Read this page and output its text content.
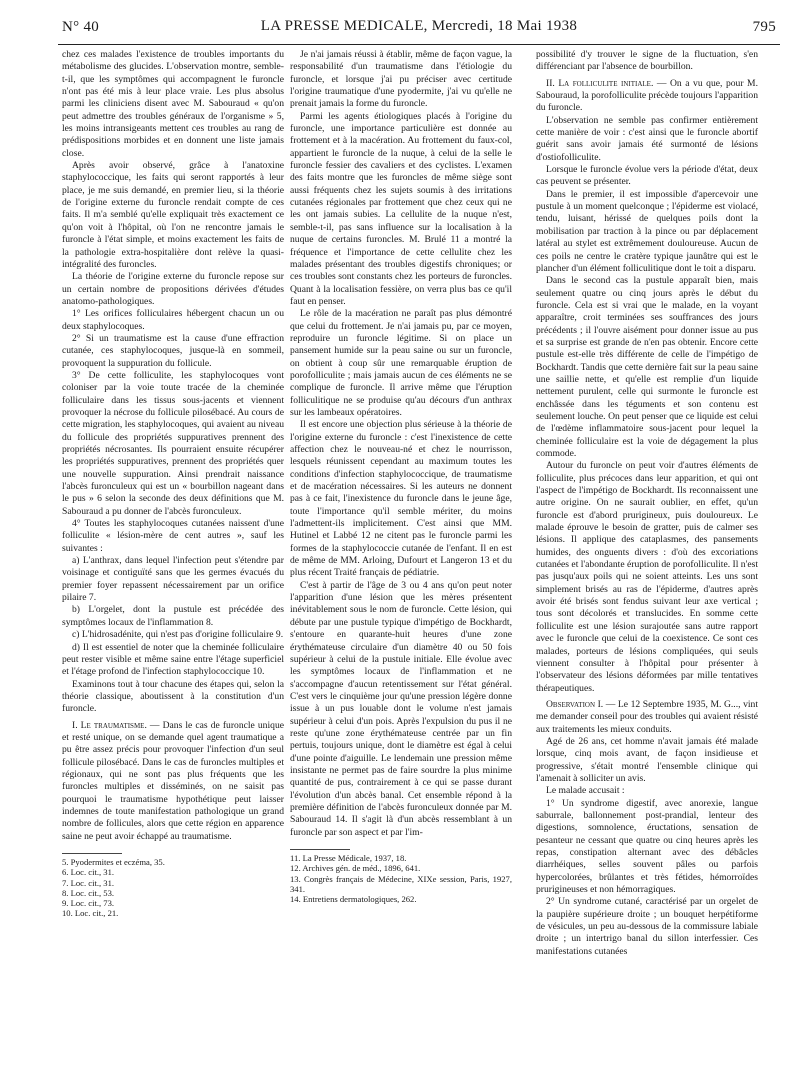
N° 40	LA PRESSE MEDICALE, Mercredi, 18 Mai 1938	795

chez ces malades l'existence de troubles importants du métabolisme des glucides. L'observation montre, semble-t-il, que les symptômes qui accompagnent le furoncle n'ont pas été mis à leur place vraie. Les plus absolus parmi les cliniciens disent avec M. Sabouraud « qu'on peut admettre des troubles généraux de l'organisme » 5, les moins intransigeants mettent ces troubles au rang de prédispositions morbides et en donnent une liste jamais close.

Après avoir observé, grâce à l'anatoxine staphylococcique, les faits qui seront rapportés à leur place, je me suis demandé, en premier lieu, si la théorie de l'origine externe du furoncle rendait compte de ces faits. Il m'a semblé qu'elle expliquait très exactement ce qu'on voit à l'hôpital, où l'on ne rencontre jamais le furoncle à l'état simple, et moins exactement les faits de la pathologie extra-hospitalière dont relève la quasi-intégralité des furoncles.

La théorie de l'origine externe du furoncle repose sur un certain nombre de propositions dérivées d'études anatomo-pathologiques.

1° Les orifices folliculaires hébergent chacun un ou deux staphylocoques.

2° Si un traumatisme est la cause d'une effraction cutanée, ces staphylocoques, jusque-là en sommeil, provoquent la suppuration du follicule.

3° De cette folliculite, les staphylocoques vont coloniser par la voie toute tracée de la cheminée folliculaire dans les tissus sous-jacents et viennent provoquer la nécrose du follicule pilosébacé. Au cours de cette migration, les staphylocoques, qui avaient au niveau du follicule des propriétés suppuratives prennent des propriétés nécrosantes. Ils pourraient ensuite récupérer les propriétés suppuratives, prennent des propriétés quer une nouvelle suppuration. Ainsi prendrait naissance l'abcès furonculeux qui est un « bourbillon nageant dans le pus » 6 selon la seconde des deux définitions que M. Sabouraud a pu donner de l'abcès furonculeux.

4° Toutes les staphylocoques cutanées naissent d'une folliculite « lésion-mère de cent autres », sauf les suivantes :

a) L'anthrax, dans lequel l'infection peut s'étendre par voisinage et contiguïté sans que les germes évacués du premier foyer repassent nécessairement par un orifice pilaire 7.

b) L'orgelet, dont la pustule est précédée des symptômes locaux de l'inflammation 8.

c) L'hidrosadénite, qui n'est pas d'origine folliculaire 9.

d) Il est essentiel de noter que la cheminée folliculaire peut rester visible et même saine entre l'étage superficiel et l'étage profond de l'infection staphylococcique 10.

Examinons tout à tour chacune des étapes qui, selon la théorie classique, aboutissent à la constitution d'un furoncle.

I. Le traumatisme. — Dans le cas de furoncle unique et resté unique, on se demande quel agent traumatique a pu être assez précis pour provoquer l'infection d'un seul follicule pilosébacé. Dans le cas de furoncles multiples et régionaux, qui ne sont pas plus fréquents que les furoncles multiples et disséminés, on ne saisit pas pourquoi le traumatisme hypothétique peut laisser indemnes de toute manifestation pathologique un grand nombre de follicules, alors que cette région en apparence saine ne peut avoir échappé au traumatisme.

5. Pyodermites et eczéma, 35.

6. Loc. cit., 31.

7. Loc. cit., 31.

8. Loc. cit., 53.

9. Loc. cit., 73.

10. Loc. cit., 21.

Je n'ai jamais réussi à établir, même de façon vague, la responsabilité d'un traumatisme dans l'étiologie du furoncle, et lorsque j'ai pu préciser avec certitude l'origine traumatique d'une pyodermite, j'ai vu qu'elle ne prenait jamais la forme du furoncle.

Parmi les agents étiologiques placés à l'origine du furoncle, une importance particulière est donnée au frottement et à la macération. Au frottement du faux-col, appartient le furoncle de la nuque, à celui de la selle le furoncle fessier des cavaliers et des cyclistes. L'examen des faits montre que les furoncles de même siège sont aussi fréquents chez les sujets soumis à des irritations cutanées régionales par frottement que chez ceux qui ne les ont jamais subies. La cellulite de la nuque n'est, semble-t-il, pas sans influence sur la localisation à la nuque de certains furoncles. M. Brulé 11 a montré la fréquence et l'importance de cette cellulite chez les malades présentant des troubles digestifs chroniques; or ces troubles sont constants chez les porteurs de furoncles. Quant à la localisation fessière, on verra plus bas ce qu'il faut en penser.

Le rôle de la macération ne paraît pas plus démontré que celui du frottement. Je n'ai jamais pu, par ce moyen, reproduire un furoncle légitime. Si on place un pansement humide sur la peau saine ou sur un furoncle, on obtient à coup sûr une remarquable éruption de porofolliculite ; mais jamais aucun de ces éléments ne se complique de furoncle. Il arrive même que l'éruption folliculitique ne se produise qu'au décours d'un anthrax sur les lambeaux opératoires.

Il est encore une objection plus sérieuse à la théorie de l'origine externe du furoncle : c'est l'inexistence de cette affection chez le nouveau-né et chez le nourrisson, lesquels réunissent cependant au maximum toutes les conditions d'infection staphylococcique, de traumatisme et de macération nécessaires. Si les auteurs ne donnent pas à ce fait, l'inexistence du furoncle dans le jeune âge, toute l'importance qu'il semble mériter, du moins l'admettent-ils implicitement. C'est ainsi que MM. Hutinel et Labbé 12 ne citent pas le furoncle parmi les formes de la staphylococcie cutanée de l'enfant. Il en est de même de MM. Arloing, Dufourt et Langeron 13 et du plus récent Traité français de pédiatrie.

C'est à partir de l'âge de 3 ou 4 ans qu'on peut noter l'apparition d'une lésion que les mères présentent inévitablement sous le nom de furoncle. Cette lésion, qui débute par une pustule typique d'impétigo de Bockhardt, s'entoure en quarante-huit heures d'une zone érythémateuse circulaire d'un diamètre 40 ou 50 fois supérieur à celui de la pustule initiale. Elle évolue avec les symptômes locaux de l'inflammation et ne s'accompagne d'aucun retentissement sur l'état général. C'est vers le cinquième jour qu'une pression légère donne issue à un pus louable dont le volume n'est jamais supérieur à celui d'un pois. Après l'expulsion du pus il ne reste qu'une zone érythémateuse centrée par un fin pertuis, toujours unique, dont le diamètre est égal à celui d'une pointe d'aiguille. Le lendemain une pression même insistante ne permet pas de faire sourdre la plus minime quantité de pus, contrairement à ce qui se passe durant l'évolution d'un abcès banal. Cet ensemble répond à la première définition de l'abcès furonculeux donnée par M. Sabouraud 14. Il s'agit là d'un abcès ressemblant à un furoncle par son aspect et par l'im-

11. La Presse Médicale, 1937, 18.

12. Archives gén. de méd., 1896, 641.

13. Congrès français de Médecine, XIXe session, Paris, 1927, 341.

14. Entretiens dermatologiques, 262.

possibilité d'y trouver le signe de la fluctuation, s'en différenciant par l'absence de bourbillon.

II. La folliculite initiale. — On a vu que, pour M. Sabouraud, la porofolliculite précède toujours l'apparition du furoncle.

L'observation ne semble pas confirmer entièrement cette manière de voir : c'est ainsi que le furoncle abortif guérit sans avoir jamais été surmonté de lésions d'ostiofolliculite.

Lorsque le furoncle évolue vers la période d'état, deux cas peuvent se présenter.

Dans le premier, il est impossible d'apercevoir une pustule à un moment quelconque ; l'épiderme est violacé, tendu, luisant, hérissé de quelques poils dont la mobilisation par traction à la pince ou par déplacement latéral au stylet est extrêmement douloureuse. Aucun de ces poils ne centre le cratère typique jaunâtre qui est le plancher d'un élément folliculitique dont le toit a disparu.

Dans le second cas la pustule apparaît bien, mais seulement quatre ou cinq jours après le début du furoncle. Cela est si vrai que le malade, en la voyant apparaître, croit terminées ses souffrances des jours précédents ; il l'ouvre aisément pour donner issue au pus et sa surprise est grande de n'en pas obtenir. Encore cette pustule est-elle très différente de celle de l'impétigo de Bockhardt. Tandis que cette dernière fait sur la peau saine une saillie nette, et qu'elle est remplie d'un liquide nettement purulent, celle qui surmonte le furoncle est enchâssée dans les téguments et son contenu est seulement louche. On peut penser que ce liquide est celui de l'œdème inflammatoire sous-jacent pour lequel la cheminée folliculaire est la voie de dégagement la plus commode.

Autour du furoncle on peut voir d'autres éléments de folliculite, plus précoces dans leur apparition, et qui ont l'aspect de l'impétigo de Bockhardt. Ils reconnaissent une autre origine. On ne saurait oublier, en effet, qu'un furoncle est d'abord prurigineux, puis douloureux. Le malade éprouve le besoin de gratter, puis de calmer ses lésions. Il applique des cataplasmes, des pansements humides, des onguents divers : d'où des excoriations cutanées et l'abondante éruption de porofolliculite. Il n'est pas jusqu'aux poils qui ne soient atteints. Les uns sont simplement brisés au ras de l'épiderme, d'autres après avoir été brisés sont fendus suivant leur axe vertical ; tous sont décolorés et translucides. En somme cette folliculite est une lésion surajoutée sans autre rapport avec le furoncle que celui de la coexistence. Ce sont ces malades, porteurs de lésions compliquées, qui seuls viennent consulter à l'hôpital pour présenter à l'observateur des lésions déformées par mille tentatives thérapeutiques.

Observation I. — Le 12 Septembre 1935, M. G..., vint me demander conseil pour des troubles qui avaient résisté aux traitements les mieux conduits.

Agé de 26 ans, cet homme n'avait jamais été malade lorsque, cinq mois avant, de façon insidieuse et progressive, s'était montré l'ensemble clinique qui l'amenait à solliciter un avis.

Le malade accusait :

1° Un syndrome digestif, avec anorexie, langue saburrale, ballonnement post-prandial, lenteur des digestions, somnolence, éructations, sensation de pesanteur ne cessant que quatre ou cinq heures après les repas, constipation alternant avec des débâcles diarrhéiques, selles souvent pâles ou parfois hypercolorées, brûlantes et très fétides, hémorroïdes prurigineuses et non hémorragiques.

2° Un syndrome cutané, caractérisé par un orgelet de la paupière supérieure droite ; un bouquet herpétiforme de vésicules, un peu au-dessous de la commissure labiale droite ; un intertrigo banal du sillon interfessier. Ces manifestations cutanées
